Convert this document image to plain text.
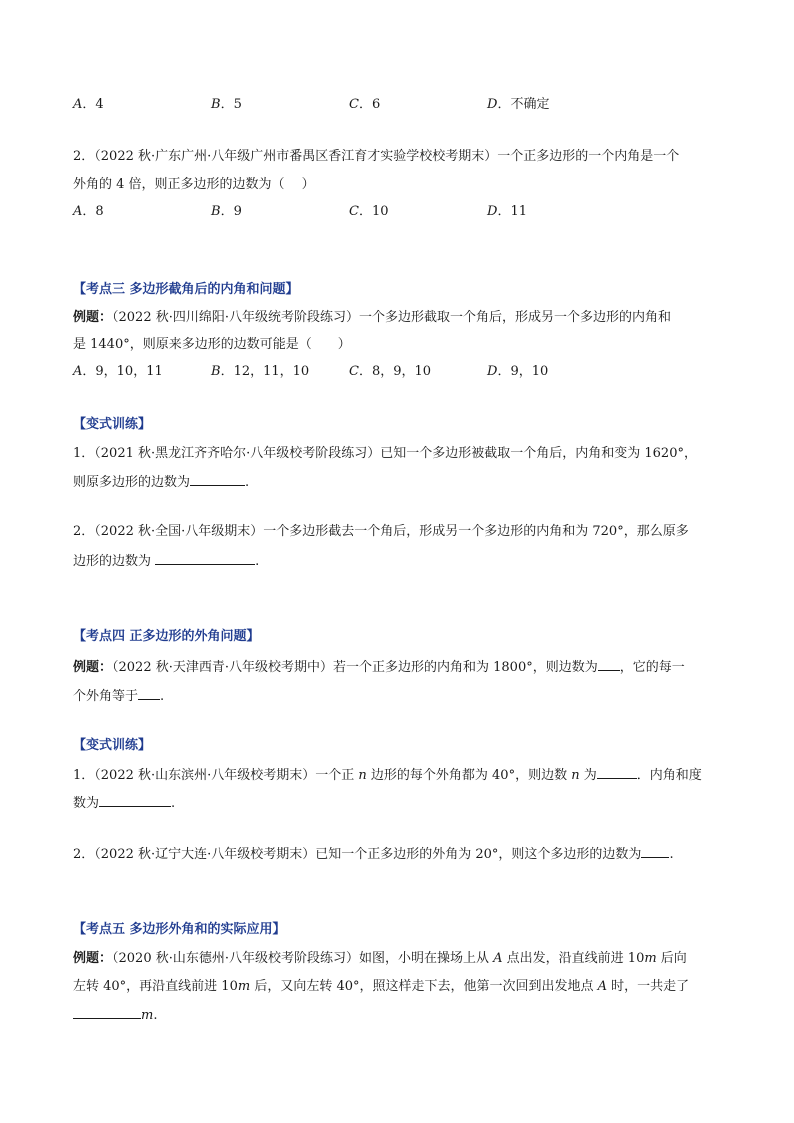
A．4	B．5	C．6	D．不确定
2．（2022 秋·广东广州·八年级广州市番禺区香江育才实验学校校考期末）一个正多边形的一个内角是一个
外角的 4 倍，则正多边形的边数为（　 ）
A．8	B．9	C．10	D．11
【考点三 多边形截角后的内角和问题】
例题：（2022 秋·四川绵阳·八年级统考阶段练习）一个多边形截取一个角后，形成另一个多边形的内角和
是 1440°，则原来多边形的边数可能是（　　）
A．9，10，11	B．12，11，10	C．8，9，10	D．9，10
【变式训练】
1．（2021 秋·黑龙江齐齐哈尔·八年级校考阶段练习）已知一个多边形被截取一个角后，内角和变为 1620°，
则原多边形的边数为	.
2．（2022 秋·全国·八年级期末）一个多边形截去一个角后，形成另一个多边形的内角和为 720°，那么原多
边形的边数为	.
【考点四 正多边形的外角问题】
例题：（2022 秋·天津西青·八年级校考期中）若一个正多边形的内角和为 1800°，则边数为 ，它的每一
个外角等于 .
【变式训练】
1．（2022 秋·山东滨州·八年级校考期末）一个正 n 边形的每个外角都为 40°，则边数 n 为	．内角和度
数为	.
2．（2022 秋·辽宁大连·八年级校考期末）已知一个正多边形的外角为 20°，则这个多边形的边数为 .
【考点五 多边形外角和的实际应用】
例题：（2020 秋·山东德州·八年级校考阶段练习）如图，小明在操场上从 A 点出发，沿直线前进 10m 后向
左转 40°，再沿直线前进 10m 后，又向左转 40°，照这样走下去，他第一次回到出发地点 A 时，一共走了
m.
